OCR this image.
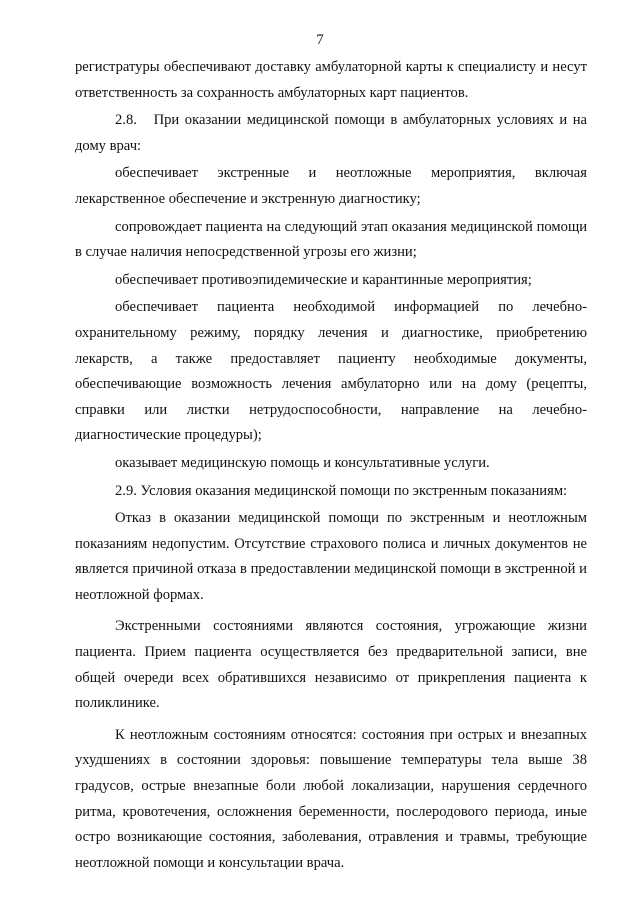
7

регистратуры обеспечивают доставку амбулаторной карты к специалисту и несут ответственность за сохранность амбулаторных карт пациентов.

2.8.   При оказании медицинской помощи в амбулаторных условиях и на дому врач:

обеспечивает экстренные и неотложные мероприятия, включая лекарственное обеспечение и экстренную диагностику;

сопровождает пациента на следующий этап оказания медицинской помощи в случае наличия непосредственной угрозы его жизни;

обеспечивает противоэпидемические и карантинные мероприятия;

обеспечивает пациента необходимой информацией по лечебно-охранительному режиму, порядку лечения и диагностике, приобретению лекарств, а также предоставляет пациенту необходимые документы, обеспечивающие возможность лечения амбулаторно или на дому (рецепты, справки или листки нетрудоспособности, направление на лечебно-диагностические процедуры);

оказывает медицинскую помощь и консультативные услуги.

2.9. Условия оказания медицинской помощи по экстренным показаниям:

Отказ в оказании медицинской помощи по экстренным и неотложным показаниям недопустим. Отсутствие страхового полиса и личных документов не является причиной отказа в предоставлении медицинской помощи в экстренной и неотложной формах.

Экстренными состояниями являются состояния, угрожающие жизни пациента. Прием пациента осуществляется без предварительной записи, вне общей очереди всех обратившихся независимо от прикрепления пациента к поликлинике.

К неотложным состояниям относятся: состояния при острых и внезапных ухудшениях в состоянии здоровья: повышение температуры тела выше 38 градусов, острые внезапные боли любой локализации, нарушения сердечного ритма, кровотечения, осложнения беременности, послеродового периода, иные остро возникающие состояния, заболевания, отравления и травмы, требующие неотложной помощи и консультации врача.
